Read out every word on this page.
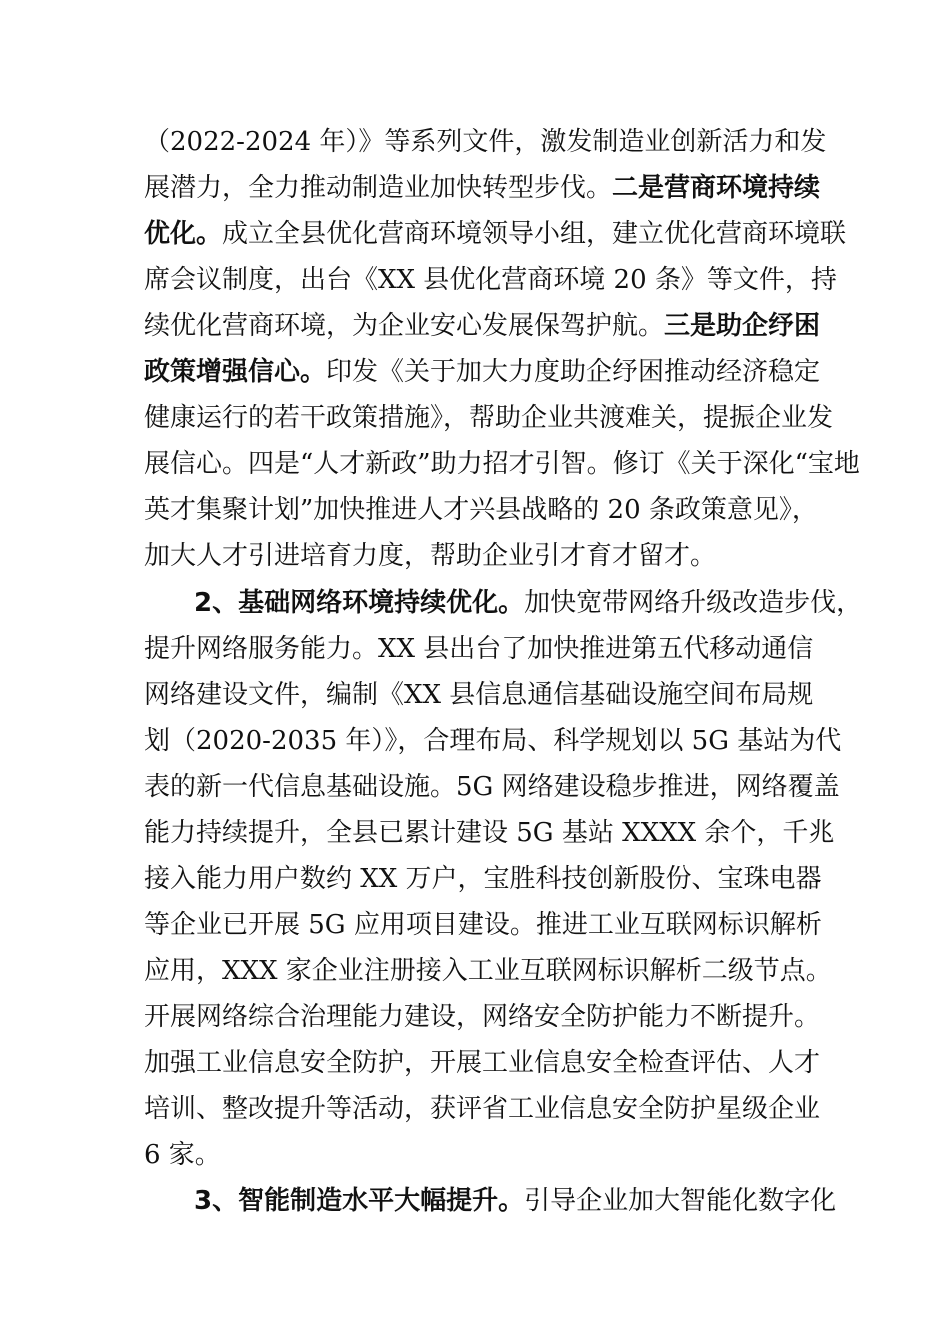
（2022-2024 年）》等系列文件，激发制造业创新活力和发
展潜力，全力推动制造业加快转型步伐。二是营商环境持续
优化。成立全县优化营商环境领导小组，建立优化营商环境联
席会议制度，出台《XX 县优化营商环境 20 条》等文件，持
续优化营商环境，为企业安心发展保驾护航。三是助企纾困
政策增强信心。印发《关于加大力度助企纾困推动经济稳定
健康运行的若干政策措施》，帮助企业共渡难关，提振企业发
展信心。四是“人才新政”助力招才引智。修订《关于深化“宝地
英才集聚计划”加快推进人才兴县战略的 20 条政策意见》，
加大人才引进培育力度，帮助企业引才育才留才。
2、基础网络环境持续优化。加快宽带网络升级改造步伐，
提升网络服务能力。XX 县出台了加快推进第五代移动通信
网络建设文件，编制《XX 县信息通信基础设施空间布局规
划（2020-2035 年）》，合理布局、科学规划以 5G 基站为代
表的新一代信息基础设施。5G 网络建设稳步推进，网络覆盖
能力持续提升，全县已累计建设 5G 基站 XXXX 余个，千兆
接入能力用户数约 XX 万户，宝胜科技创新股份、宝珠电器
等企业已开展 5G 应用项目建设。推进工业互联网标识解析
应用，XXX 家企业注册接入工业互联网标识解析二级节点。
开展网络综合治理能力建设，网络安全防护能力不断提升。
加强工业信息安全防护，开展工业信息安全检查评估、人才
培训、整改提升等活动，获评省工业信息安全防护星级企业
6 家。
3、智能制造水平大幅提升。引导企业加大智能化数字化
